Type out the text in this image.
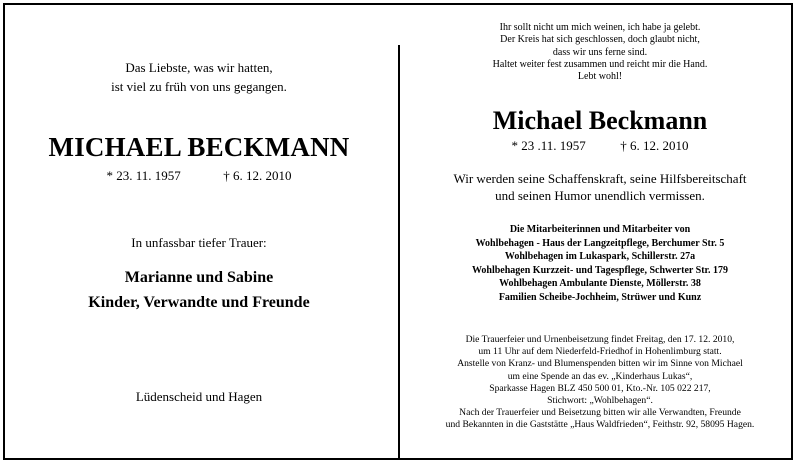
Das Liebste, was wir hatten,
ist viel zu früh von uns gegangen.
MICHAEL BECKMANN
* 23. 11. 1957	† 6. 12. 2010
In unfassbar tiefer Trauer:
Marianne und Sabine
Kinder, Verwandte und Freunde
Lüdenscheid und Hagen
Ihr sollt nicht um mich weinen, ich habe ja gelebt.
Der Kreis hat sich geschlossen, doch glaubt nicht,
dass wir uns ferne sind.
Haltet weiter fest zusammen und reicht mir die Hand.
Lebt wohl!
Michael Beckmann
* 23 .11. 1957	† 6. 12. 2010
Wir werden seine Schaffenskraft, seine Hilfsbereitschaft
und seinen Humor unendlich vermissen.
Die Mitarbeiterinnen und Mitarbeiter von
Wohlbehagen - Haus der Langzeitpflege, Berchumer Str. 5
Wohlbehagen im Lukaspark, Schillerstr. 27a
Wohlbehagen Kurzzeit- und Tagespflege, Schwerter Str. 179
Wohlbehagen Ambulante Dienste, Möllerstr. 38
Familien Scheibe-Jochheim, Strüwer und Kunz
Die Trauerfeier und Urnenbeisetzung findet Freitag, den 17. 12. 2010,
um 11 Uhr auf dem Niederfeld-Friedhof in Hohenlimburg statt.
Anstelle von Kranz- und Blumenspenden bitten wir im Sinne von Michael
um eine Spende an das ev. „Kinderhaus Lukas“,
Sparkasse Hagen BLZ 450 500 01, Kto.-Nr. 105 022 217,
Stichwort: „Wohlbehagen“.
Nach der Trauerfeier und Beisetzung bitten wir alle Verwandten, Freunde
und Bekannten in die Gaststätte „Haus Waldfrieden“, Feithstr. 92, 58095 Hagen.
